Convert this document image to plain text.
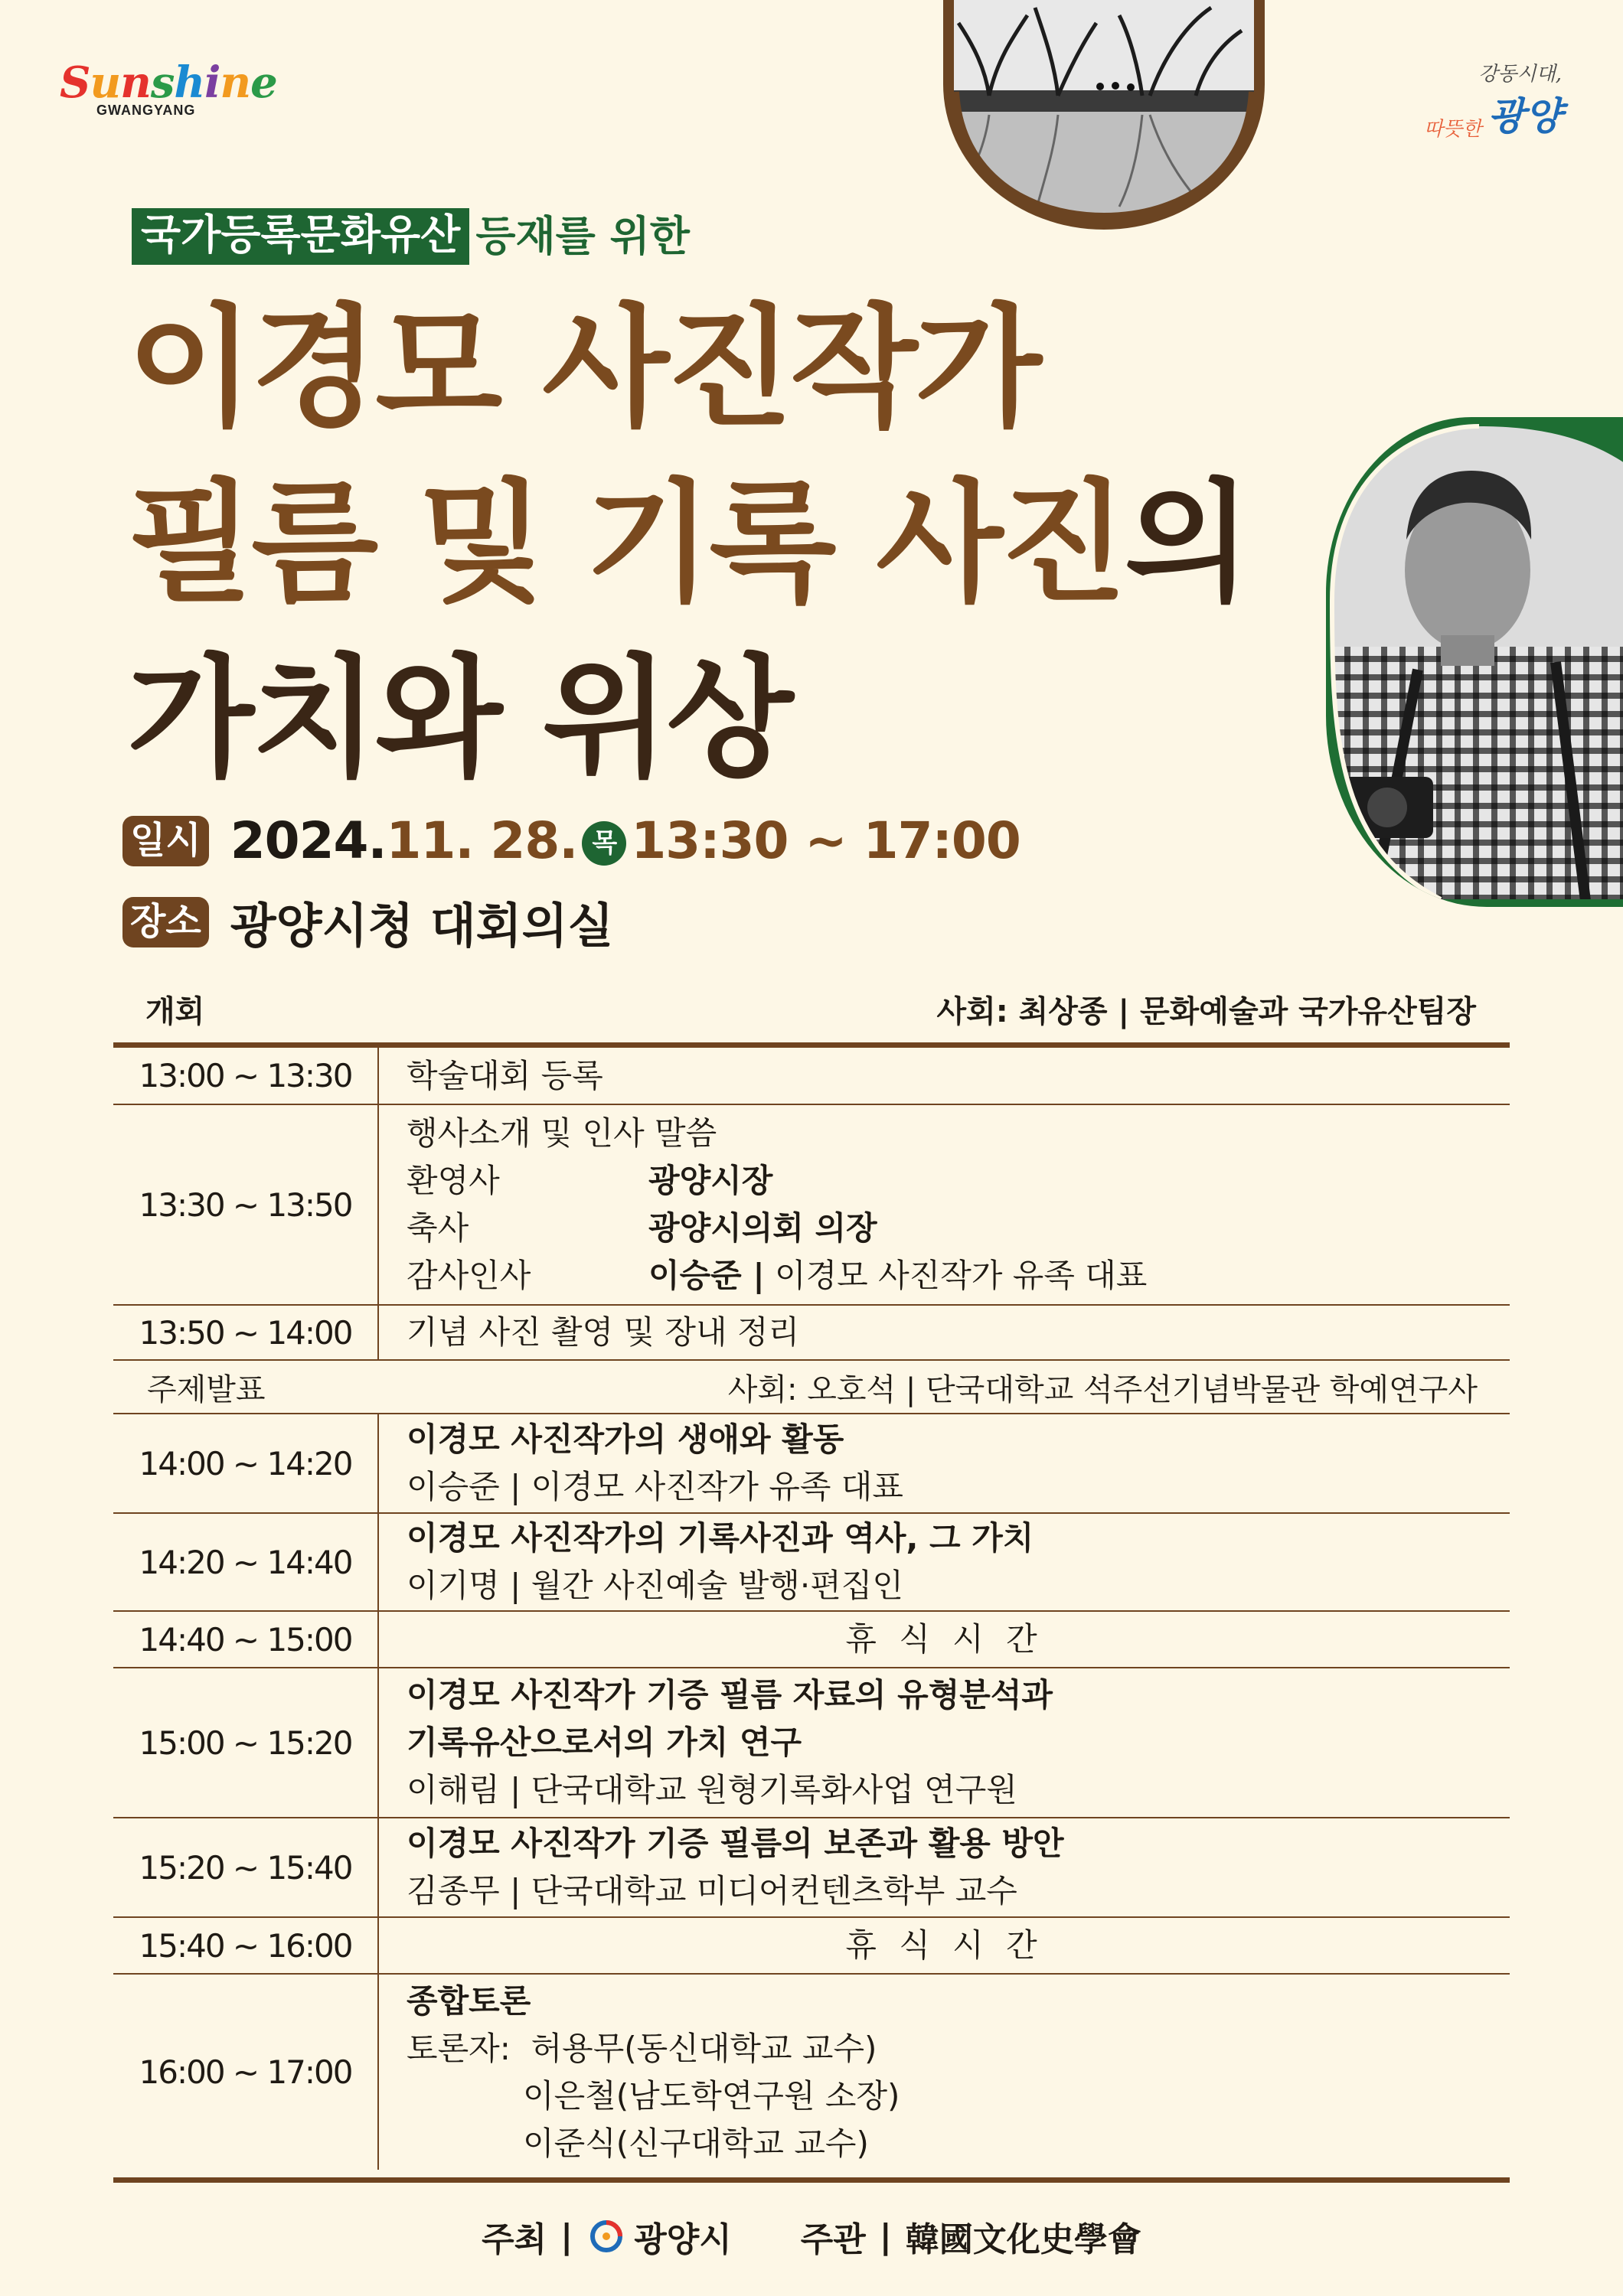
Sunshine
GWANGYANG
강동시대,
따뜻한 광양
국가등록문화유산 등재를 위한
이경모 사진작가
필름 및 기록 사진의
가치와 위상
일시 2024.11. 28. 목 13:30 ~ 17:00
장소 광양시청 대회의실
개회	사회: 최상종 | 문화예술과 국가유산팀장
13:00 ~ 13:30	학술대회 등록
13:30 ~ 13:50	행사소개 및 인사 말씀
환영사 광양시장
축사 광양시의회 의장
감사인사 이승준 | 이경모 사진작가 유족 대표

13:50 ~ 14:00	기념 사진 촬영 및 장내 정리

주제발표 사회: 오호석 | 단국대학교 석주선기념박물관 학예연구사	

14:00 ~ 14:20	이경모 사진작가의 생애와 활동
이승준 | 이경모 사진작가 유족 대표

14:20 ~ 14:40	이경모 사진작가의 기록사진과 역사, 그 가치
이기명 | 월간 사진예술 발행·편집인

14:40 ~ 15:00	휴 식 시 간
15:00 ~ 15:20	이경모 사진작가 기증 필름 자료의 유형분석과
기록유산으로서의 가치 연구
이해림 | 단국대학교 원형기록화사업 연구원

15:20 ~ 15:40	이경모 사진작가 기증 필름의 보존과 활용 방안
김종무 | 단국대학교 미디어컨텐츠학부 교수

15:40 ~ 16:00	휴 식 시 간
16:00 ~ 17:00	종합토론
토론자: 허용무(동신대학교 교수)
이은철(남도학연구원 소장)
이준식(신구대학교 교수)
주최 | 광양시 주관 | 韓國文化史學會
